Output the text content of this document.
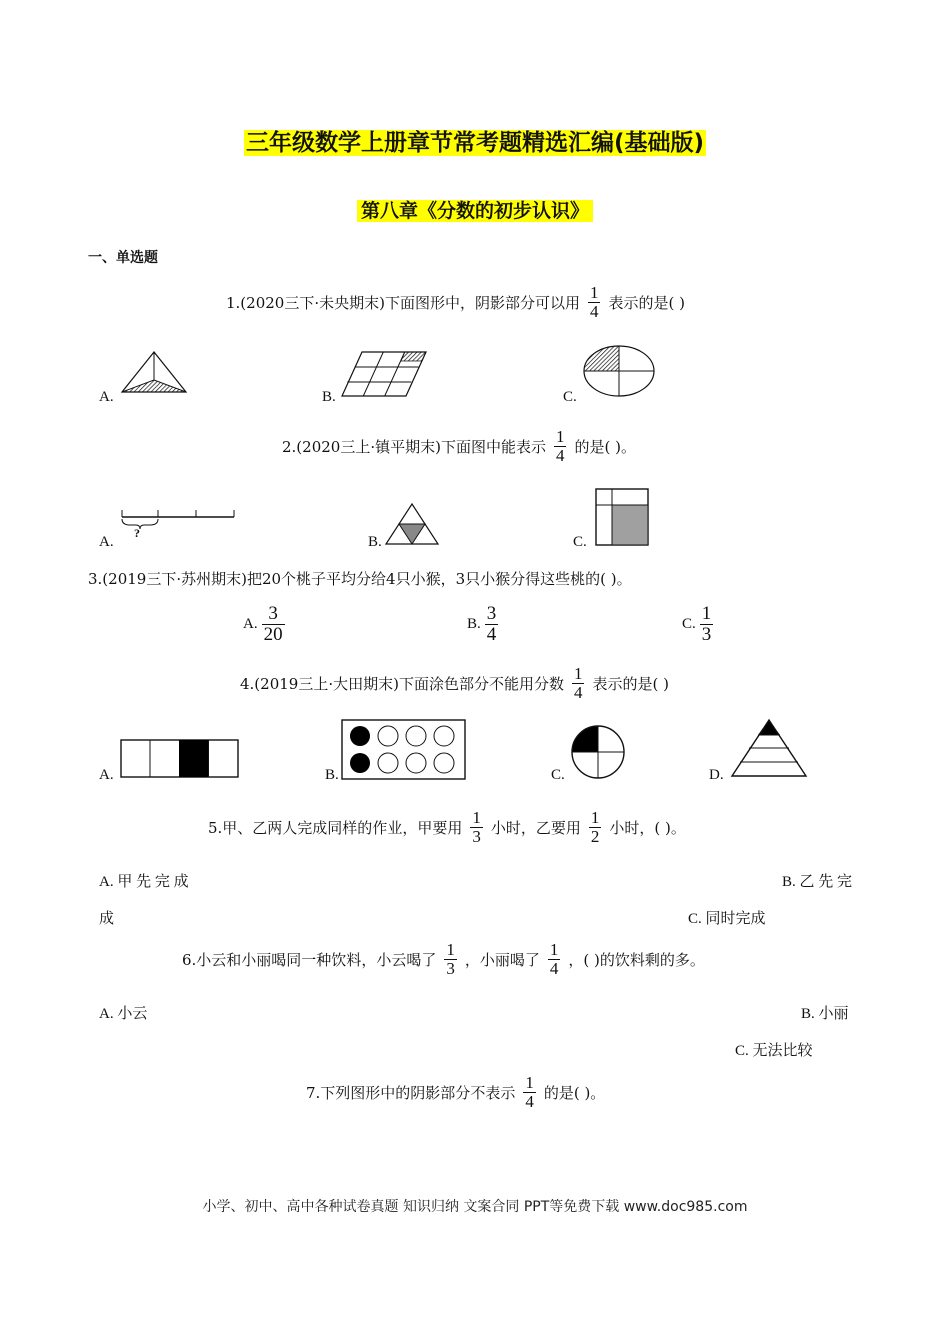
三年级数学上册章节常考题精选汇编(基础版)
第八章《分数的初步认识》
一、单选题
1.(2020三下·未央期末)下面图形中，阴影部分可以用 $\frac{1}{4}$ 表示的是( )
A.	B.	C.
2.(2020三上·镇平期末)下面图中能表示 $\frac{1}{4}$ 的是( )。
A.	B.	C.
?
3.(2019三下·苏州期末)把20个桃子平均分给4只小猴，3只小猴分得这些桃的( )。
A. $\frac{3}{20}$	B. $\frac{3}{4}$	C. $\frac{1}{3}$
4.(2019三上·大田期末)下面涂色部分不能用分数 $\frac{1}{4}$ 表示的是( )
A.	B.	C.	D.
5.甲、乙两人完成同样的作业，甲要用 $\frac{1}{3}$ 小时，乙要用 $\frac{1}{2}$ 小时，( )。
A. 甲 先 完 成	B. 乙 先 完
成	C. 同时完成
6.小云和小丽喝同一种饮料，小云喝了 $\frac{1}{3}$ ，小丽喝了 $\frac{1}{4}$ ，( )的饮料剩的多。
A. 小云	B. 小丽
C. 无法比较
7.下列图形中的阴影部分不表示 $\frac{1}{4}$ 的是( )。
小学、初中、高中各种试卷真题 知识归纳 文案合同 PPT等免费下载 www.doc985.com
